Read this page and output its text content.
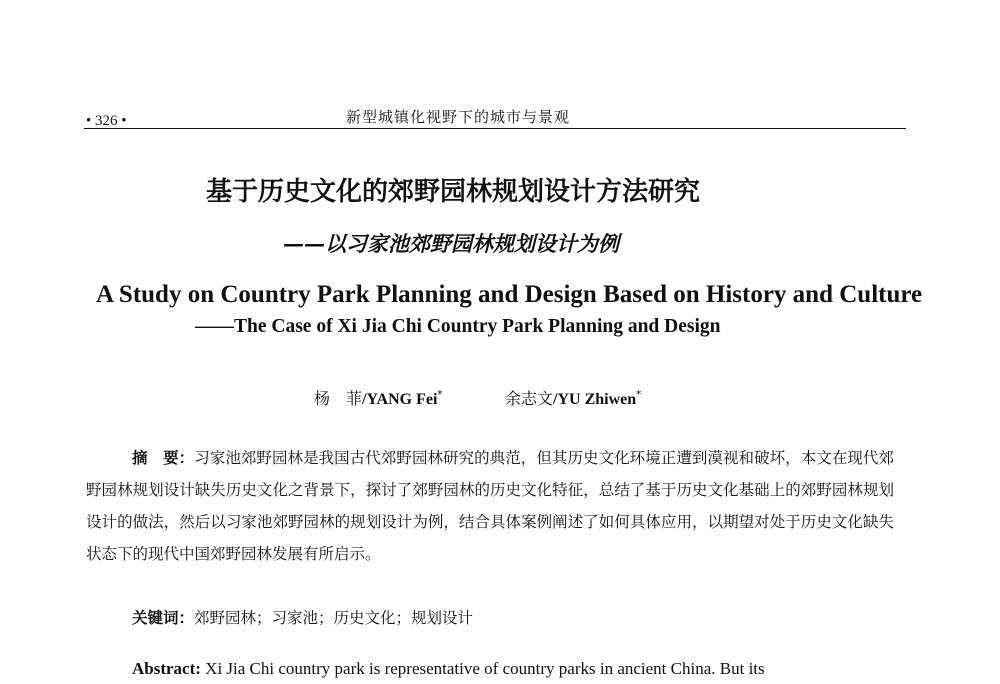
• 326 •	新型城镇化视野下的城市与景观
基于历史文化的郊野园林规划设计方法研究
——以习家池郊野园林规划设计为例
A Study on Country Park Planning and Design Based on History and Culture
——The Case of Xi Jia Chi Country Park Planning and Design
杨　菲/YANG Fei*	余志文/YU Zhiwen*
摘　要：习家池郊野园林是我国古代郊野园林研究的典范，但其历史文化环境正遭到漠视和破坏，本文在现代郊野园林规划设计缺失历史文化之背景下，探讨了郊野园林的历史文化特征，总结了基于历史文化基础上的郊野园林规划设计的做法，然后以习家池郊野园林的规划设计为例，结合具体案例阐述了如何具体应用，以期望对处于历史文化缺失状态下的现代中国郊野园林发展有所启示。
关键词：郊野园林；习家池；历史文化；规划设计
Abstract: Xi Jia Chi country park is representative of country parks in ancient China. But its
